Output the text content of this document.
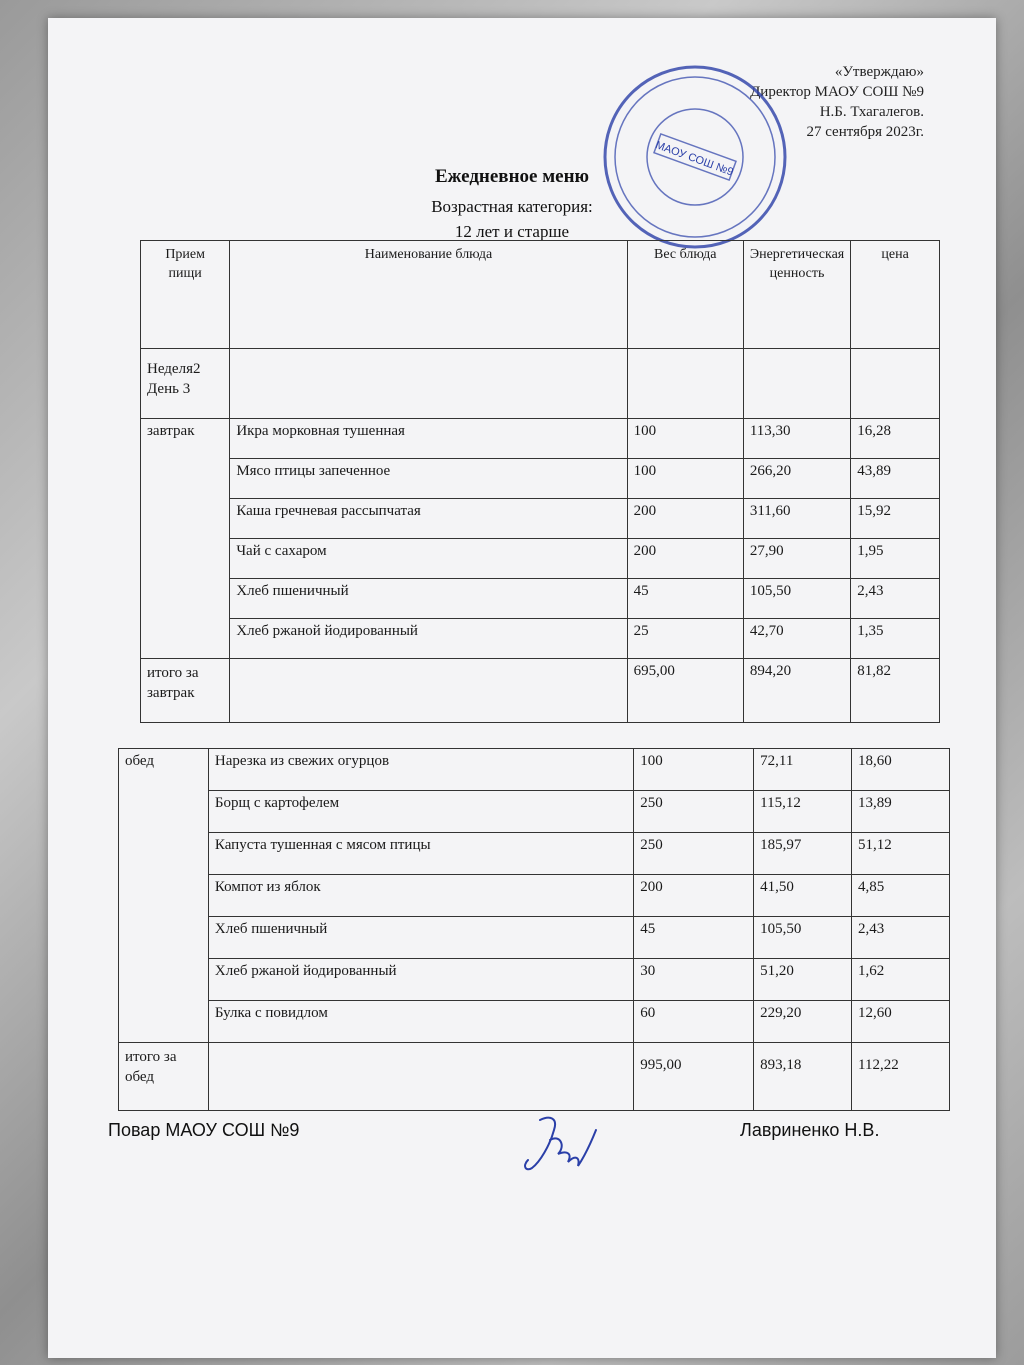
«Утверждаю»
Директор МАОУ СОШ №9
Н.Б. Тхагалегов.
27 сентября 2023г.
МАОУ СОШ №9
Ежедневное меню
Возрастная категория:
12 лет и старше
Прием пищи	Наименование блюда	Вес блюда	Энергетическая ценность	цена
Неделя2 День 3				
завтрак	Икра морковная тушенная	100	113,30	16,28
	Мясо птицы запеченное	100	266,20	43,89
	Каша гречневая рассыпчатая	200	311,60	15,92
	Чай с сахаром	200	27,90	1,95
	Хлеб пшеничный	45	105,50	2,43
	Хлеб ржаной йодированный	25	42,70	1,35
итого за завтрак		695,00	894,20	81,82
обед	Нарезка из свежих огурцов	100	72,11	18,60
	Борщ с картофелем	250	115,12	13,89
	Капуста тушенная с мясом птицы	250	185,97	51,12
	Компот из яблок	200	41,50	4,85
	Хлеб пшеничный	45	105,50	2,43
	Хлеб ржаной йодированный	30	51,20	1,62
	Булка с повидлом	60	229,20	12,60
итого за обед		995,00	893,18	112,22
Повар МАОУ СОШ №9	Лавриненко Н.В.
